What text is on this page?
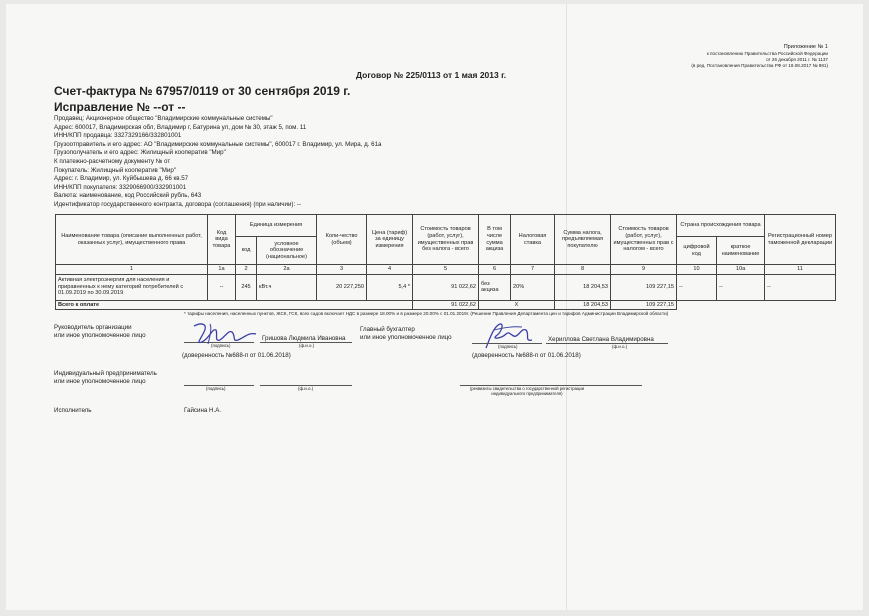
Приложение № 1
к постановлению Правительства Российской Федерации
от 26 декабря 2011 г. № 1137
(в ред. Постановления Правительства РФ от 19.08.2017 № 981)
Договор № 225/0113 от 1 мая 2013 г.
Счет-фактура № 67957/0119 от 30 сентября 2019 г.
Исправление № --от --
Продавец: Акционерное общество "Владимирские коммунальные системы"
Адрес: 600017, Владимирская обл, Владимир г, Батурина ул, дом № 30, этаж 5, пом. 11
ИНН/КПП продавца: 3327329166/332801001
Грузоотправитель и его адрес: АО "Владимирские коммунальные системы", 600017 г. Владимир, ул. Мира, д. 61а
Грузополучатель и его адрес: Жилищный кооператив "Мир"
К платежно-расчетному документу № от
Покупатель: Жилищный кооператив "Мир"
Адрес: г. Владимир, ул. Куйбышева д. 66 кв.57
ИНН/КПП покупателя: 3329066900/332901001
Валюта: наименование, код Российский рубль, 643
Идентификатор государственного контракта, договора (соглашения) (при наличии): --
Наименование товара (описание выполненных работ, оказанных услуг), имущественного права	Код вида товара	Единица измерения		Коли-чество (объем)	Цена (тариф) за единицу измерения	Стоимость товаров (работ, услуг), имущественных прав без налога - всего	В том числе сумма акциза	Налоговая ставка	Сумма налога, предъявляемая покупателю	Стоимость товаров (работ, услуг), имущественных прав с налогом - всего	Страна происхождения товара		Регистрационный номер таможенной декларации
		код	условное обозначение (национальное)								цифровой код	краткое наименование	
1	1а	2	2а	3	4	5	6	7	8	9	10	10а	11
Активная электроэнергия для населения и приравненных к нему категорий потребителей с 01.09.2019 по 30.09.2019	--	245	кВт.ч	20 227,250	5,4 *	91 022,62	без акциза	20%	18 204,53	109 227,15	--	--	--
Всего к оплате						91 022,62	X		18 204,53	109 227,15			
* тарифы населения, населенных пунктов, ЖСК, ГСК, всех садов включает НДС в размере 18.00% и в размере 20.00% с 01.01.2019г. (Решение Правления Департамента цен и тарифов Администрации Владимирской области)
Руководитель организации
или иное уполномоченное лицо	Гришова Людмила Ивановна
(подпись)	(ф.и.о.)
(доверенность №688-п от 01.06.2018)
Главный бухгалтер
или иное уполномоченное лицо	Хериллова Светлана Владимировна
(подпись)	(ф.и.о.)
(доверенность №688-п от 01.06.2018)
Индивидуальный предприниматель
или иное уполномоченное лицо
(подпись)	(ф.и.о.)	(реквизиты свидетельства о государственной регистрации индивидуального предпринимателя)
Исполнитель	Гайсина Н.А.
